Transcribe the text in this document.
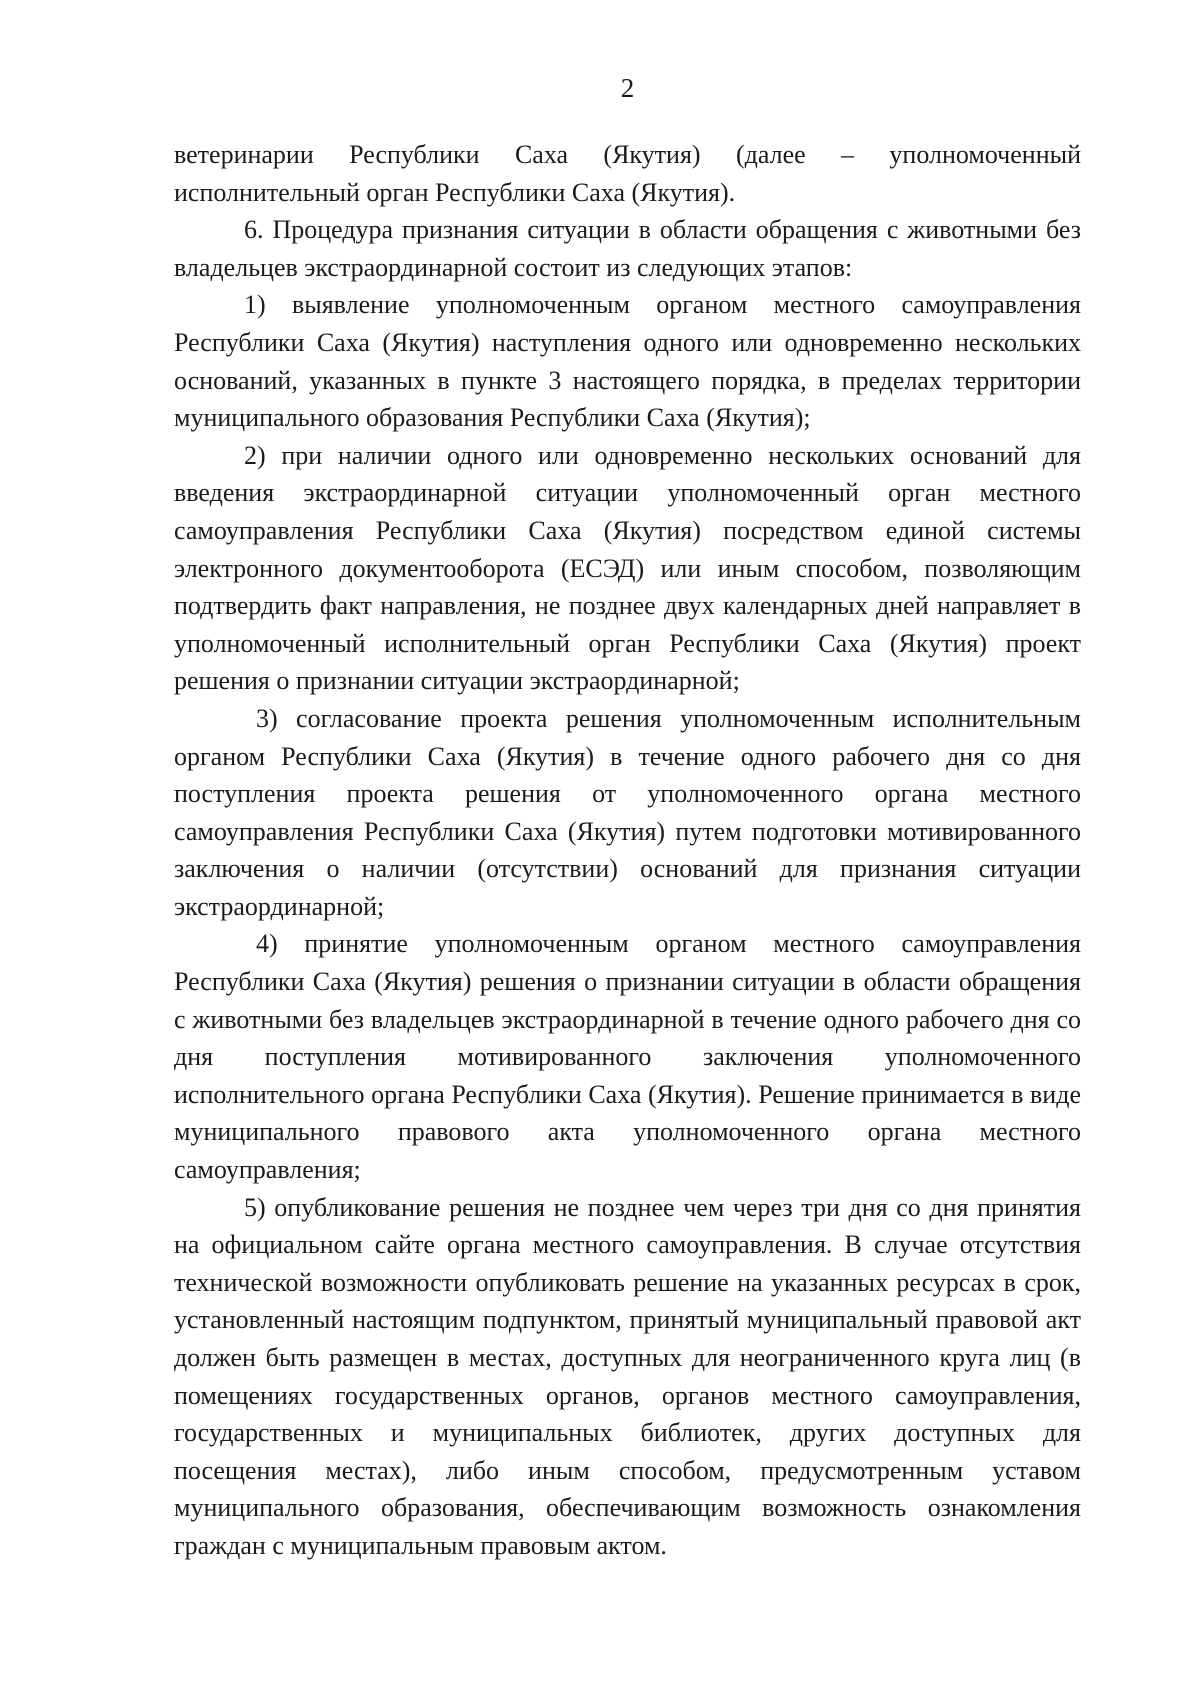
2

ветеринарии Республики Саха (Якутия) (далее – уполномоченный исполнительный орган Республики Саха (Якутия).

6. Процедура признания ситуации в области обращения с животными без владельцев экстраординарной состоит из следующих этапов:

1) выявление уполномоченным органом местного самоуправления Республики Саха (Якутия) наступления одного или одновременно нескольких оснований, указанных в пункте 3 настоящего порядка, в пределах территории муниципального образования Республики Саха (Якутия);

2) при наличии одного или одновременно нескольких оснований для введения экстраординарной ситуации уполномоченный орган местного самоуправления Республики Саха (Якутия) посредством единой системы электронного документооборота (ЕСЭД) или иным способом, позволяющим подтвердить факт направления, не позднее двух календарных дней направляет в уполномоченный исполнительный орган Республики Саха (Якутия) проект решения о признании ситуации экстраординарной;

3) согласование проекта решения уполномоченным исполнительным органом Республики Саха (Якутия) в течение одного рабочего дня со дня поступления проекта решения от уполномоченного органа местного самоуправления Республики Саха (Якутия) путем подготовки мотивированного заключения о наличии (отсутствии) оснований для признания ситуации экстраординарной;

4) принятие уполномоченным органом местного самоуправления Республики Саха (Якутия) решения о признании ситуации в области обращения с животными без владельцев экстраординарной в течение одного рабочего дня со дня поступления мотивированного заключения уполномоченного исполнительного органа Республики Саха (Якутия). Решение принимается в виде муниципального правового акта уполномоченного органа местного самоуправления;

5) опубликование решения не позднее чем через три дня со дня принятия на официальном сайте органа местного самоуправления. В случае отсутствия технической возможности опубликовать решение на указанных ресурсах в срок, установленный настоящим подпунктом, принятый муниципальный правовой акт должен быть размещен в местах, доступных для неограниченного круга лиц (в помещениях государственных органов, органов местного самоуправления, государственных и муниципальных библиотек, других доступных для посещения местах), либо иным способом, предусмотренным уставом муниципального образования, обеспечивающим возможность ознакомления граждан с муниципальным правовым актом.
